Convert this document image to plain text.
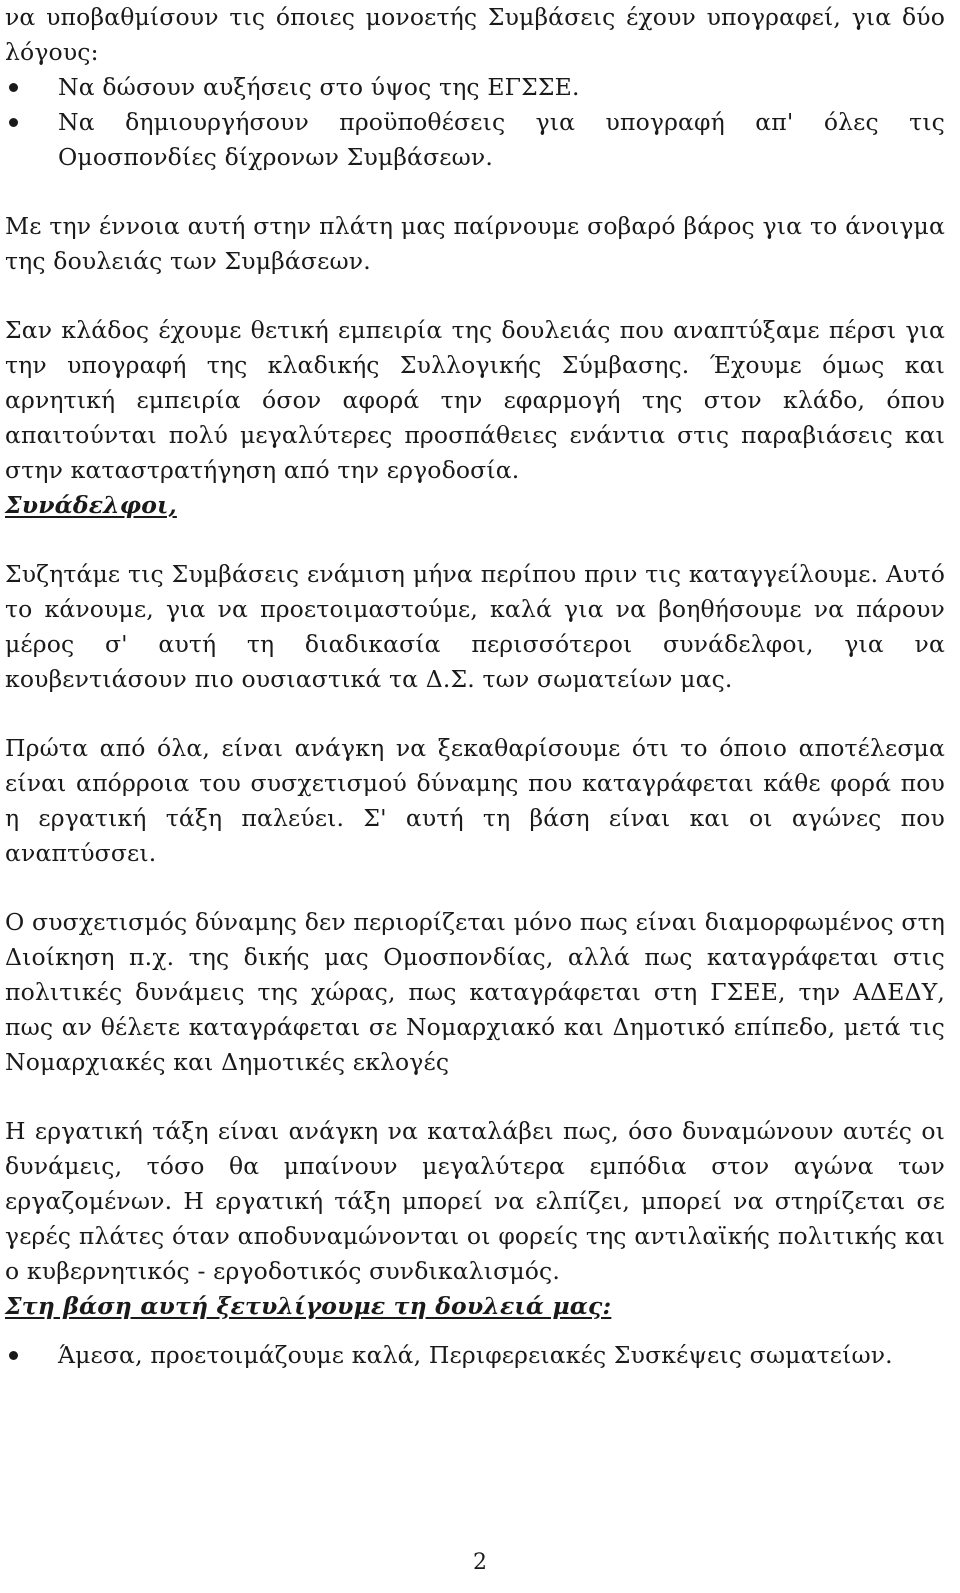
να υποβαθμίσουν τις όποιες μονοετής Συμβάσεις έχουν υπογραφεί, για δύο λόγους:

Να δώσουν αυξήσεις στο ύψος της ΕΓΣΣΕ.
Να δημιουργήσουν προϋποθέσεις για υπογραφή απ' όλες τις Ομοσπονδίες δίχρονων Συμβάσεων.

Με την έννοια αυτή στην πλάτη μας παίρνουμε σοβαρό βάρος για το άνοιγμα της δουλειάς των Συμβάσεων.

Σαν κλάδος έχουμε θετική εμπειρία της δουλειάς που αναπτύξαμε πέρσι για την υπογραφή της κλαδικής Συλλογικής Σύμβασης. Έχουμε όμως και αρνητική εμπειρία όσον αφορά την εφαρμογή της στον κλάδο, όπου απαιτούνται πολύ μεγαλύτερες προσπάθειες ενάντια στις παραβιάσεις και στην καταστρατήγηση από την εργοδοσία.

Συνάδελφοι,

Συζητάμε τις Συμβάσεις ενάμιση μήνα περίπου πριν τις καταγγείλουμε. Αυτό το κάνουμε, για να προετοιμαστούμε, καλά για να βοηθήσουμε να πάρουν μέρος σ' αυτή τη διαδικασία περισσότεροι συνάδελφοι, για να κουβεντιάσουν πιο ουσιαστικά τα Δ.Σ. των σωματείων μας.

Πρώτα από όλα, είναι ανάγκη να ξεκαθαρίσουμε ότι το όποιο αποτέλεσμα είναι απόρροια του συσχετισμού δύναμης που καταγράφεται κάθε φορά που η εργατική τάξη παλεύει. Σ' αυτή τη βάση είναι και οι αγώνες που αναπτύσσει.

Ο συσχετισμός δύναμης δεν περιορίζεται μόνο πως είναι διαμορφωμένος στη Διοίκηση π.χ. της δικής μας Ομοσπονδίας, αλλά πως καταγράφεται στις πολιτικές δυνάμεις της χώρας, πως καταγράφεται στη ΓΣΕΕ, την ΑΔΕΔΥ, πως αν θέλετε καταγράφεται σε Νομαρχιακό και Δημοτικό επίπεδο, μετά τις Νομαρχιακές και Δημοτικές εκλογές

Η εργατική τάξη είναι ανάγκη να καταλάβει πως, όσο δυναμώνουν αυτές οι δυνάμεις, τόσο θα μπαίνουν μεγαλύτερα εμπόδια στον αγώνα των εργαζομένων. Η εργατική τάξη μπορεί να ελπίζει, μπορεί να στηρίζεται σε γερές πλάτες όταν αποδυναμώνονται οι φορείς της αντιλαϊκής πολιτικής και ο κυβερνητικός - εργοδοτικός συνδικαλισμός.

Στη βάση αυτή ξετυλίγουμε τη δουλειά μας:

Άμεσα, προετοιμάζουμε καλά, Περιφερειακές Συσκέψεις σωματείων.
2
